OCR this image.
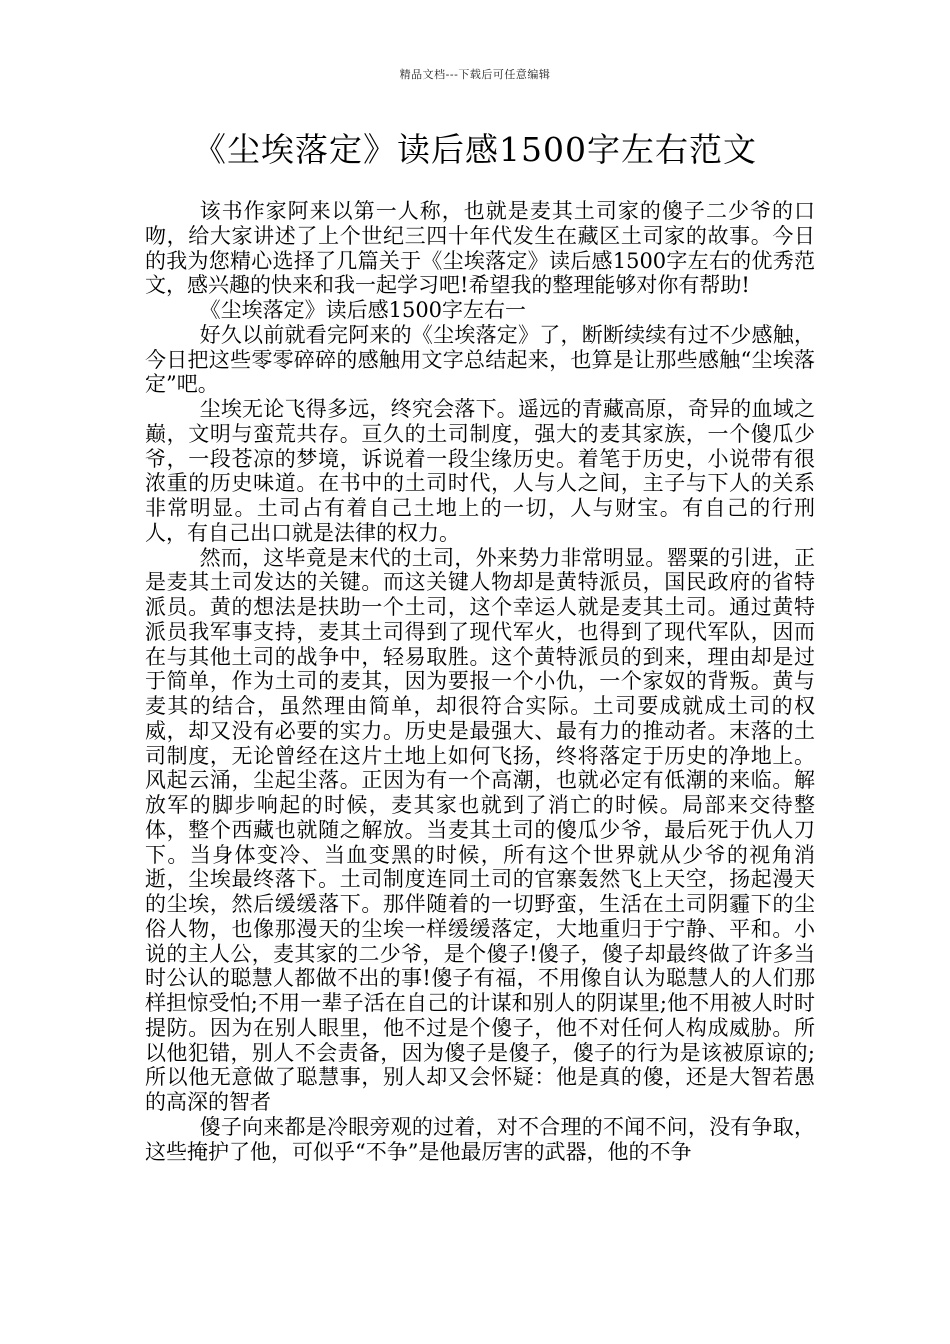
精品文档---下载后可任意编辑
《尘埃落定》读后感1500字左右范文

该书作家阿来以第一人称，也就是麦其土司家的傻子二少爷的口吻，给大家讲述了上个世纪三四十年代发生在藏区土司家的故事。今日的我为您精心选择了几篇关于《尘埃落定》读后感1500字左右的优秀范文，感兴趣的快来和我一起学习吧!希望我的整理能够对你有帮助!

《尘埃落定》读后感1500字左右一

好久以前就看完阿来的《尘埃落定》了，断断续续有过不少感触，今日把这些零零碎碎的感触用文字总结起来，也算是让那些感触“尘埃落定”吧。

尘埃无论飞得多远，终究会落下。遥远的青藏高原，奇异的血域之巅，文明与蛮荒共存。亘久的土司制度，强大的麦其家族，一个傻瓜少爷，一段苍凉的梦境，诉说着一段尘缘历史。着笔于历史，小说带有很浓重的历史味道。在书中的土司时代，人与人之间，主子与下人的关系非常明显。土司占有着自己土地上的一切，人与财宝。有自己的行刑人，有自己出口就是法律的权力。

然而，这毕竟是末代的土司，外来势力非常明显。罂粟的引进，正是麦其土司发达的关键。而这关键人物却是黄特派员，国民政府的省特派员。黄的想法是扶助一个土司，这个幸运人就是麦其土司。通过黄特派员我军事支持，麦其土司得到了现代军火，也得到了现代军队，因而在与其他土司的战争中，轻易取胜。这个黄特派员的到来，理由却是过于简单，作为土司的麦其，因为要报一个小仇，一个家奴的背叛。黄与麦其的结合，虽然理由简单，却很符合实际。土司要成就成土司的权威，却又没有必要的实力。历史是最强大、最有力的推动者。末落的土司制度，无论曾经在这片土地上如何飞扬，终将落定于历史的净地上。风起云涌，尘起尘落。正因为有一个高潮，也就必定有低潮的来临。解放军的脚步响起的时候，麦其家也就到了消亡的时候。局部来交待整体，整个西藏也就随之解放。当麦其土司的傻瓜少爷，最后死于仇人刀下。当身体变冷、当血变黑的时候，所有这个世界就从少爷的视角消逝，尘埃最终落下。土司制度连同土司的官寨轰然飞上天空，扬起漫天的尘埃，然后缓缓落下。那伴随着的一切野蛮，生活在土司阴霾下的尘俗人物，也像那漫天的尘埃一样缓缓落定，大地重归于宁静、平和。小说的主人公，麦其家的二少爷，是个傻子!傻子，傻子却最终做了许多当时公认的聪慧人都做不出的事!傻子有福，不用像自认为聪慧人的人们那样担惊受怕;不用一辈子活在自己的计谋和别人的阴谋里;他不用被人时时提防。因为在别人眼里，他不过是个傻子，他不对任何人构成威胁。所以他犯错，别人不会责备，因为傻子是傻子，傻子的行为是该被原谅的;所以他无意做了聪慧事，别人却又会怀疑：他是真的傻，还是大智若愚的高深的智者

傻子向来都是冷眼旁观的过着，对不合理的不闻不问，没有争取，这些掩护了他，可似乎“不争”是他最厉害的武器，他的不争
